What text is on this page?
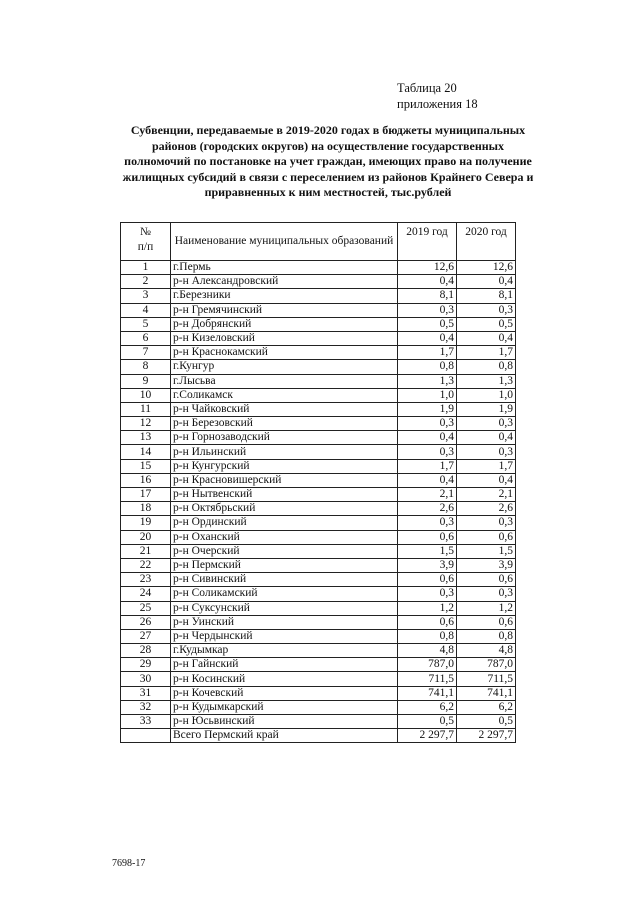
Таблица 20
приложения 18
Субвенции, передаваемые в 2019-2020 годах в бюджеты муниципальных районов (городских округов) на осуществление государственных полномочий по постановке на учет граждан, имеющих право на получение жилищных субсидий в связи с переселением из районов Крайнего Севера и приравненных к ним местностей, тыс.рублей
№
п/п	Наименование муниципальных образований	2019 год	2020 год
1	г.Пермь	12,6	12,6
2	р-н Александровский	0,4	0,4
3	г.Березники	8,1	8,1
4	р-н Гремячинский	0,3	0,3
5	р-н Добрянский	0,5	0,5
6	р-н Кизеловский	0,4	0,4
7	р-н Краснокамский	1,7	1,7
8	г.Кунгур	0,8	0,8
9	г.Лысьва	1,3	1,3
10	г.Соликамск	1,0	1,0
11	р-н Чайковский	1,9	1,9
12	р-н Березовский	0,3	0,3
13	р-н Горнозаводский	0,4	0,4
14	р-н Ильинский	0,3	0,3
15	р-н Кунгурский	1,7	1,7
16	р-н Красновишерский	0,4	0,4
17	р-н Нытвенский	2,1	2,1
18	р-н Октябрьский	2,6	2,6
19	р-н Ординский	0,3	0,3
20	р-н Оханский	0,6	0,6
21	р-н Очерский	1,5	1,5
22	р-н Пермский	3,9	3,9
23	р-н Сивинский	0,6	0,6
24	р-н Соликамский	0,3	0,3
25	р-н Суксунский	1,2	1,2
26	р-н Уинский	0,6	0,6
27	р-н Чердынский	0,8	0,8
28	г.Кудымкар	4,8	4,8
29	р-н Гайнский	787,0	787,0
30	р-н Косинский	711,5	711,5
31	р-н Кочевский	741,1	741,1
32	р-н Кудымкарский	6,2	6,2
33	р-н Юсьвинский	0,5	0,5
	Всего Пермский край	2 297,7	2 297,7
7698-17
